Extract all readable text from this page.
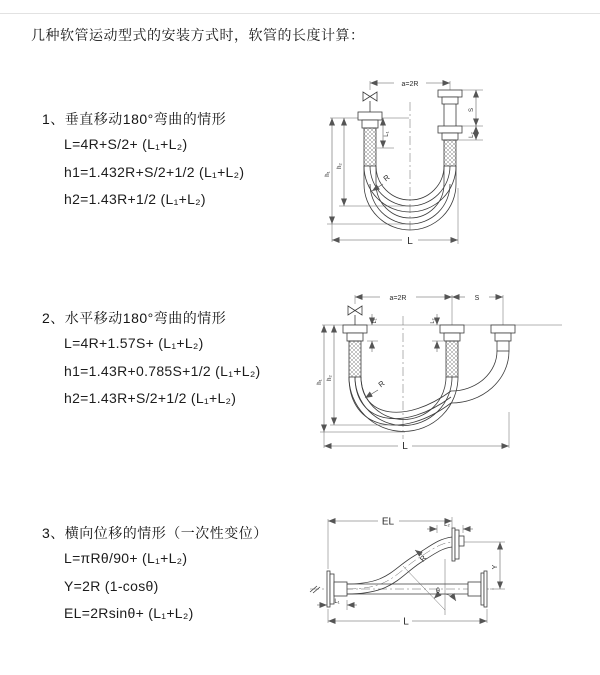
几种软管运动型式的安装方式时，软管的长度计算：
1、垂直移动180°弯曲的情形
L=4R+S/2+ (L₁+L₂)
h1=1.432R+S/2+1/2 (L₁+L₂)
h2=1.43R+1/2 (L₁+L₂)
a=2R
L₁
S
L₂
R
h₁
h₂
L
2、水平移动180°弯曲的情形
L=4R+1.57S+ (L₁+L₂)
h1=1.43R+0.785S+1/2 (L₁+L₂)
h2=1.43R+S/2+1/2 (L₁+L₂)
a=2R	S
L₁	L₂
R
h₁
h₂
L
3、横向位移的情形（一次性变位）
L=πRθ/90+ (L₁+L₂)
Y=2R (1-cosθ)
EL=2Rsinθ+ (L₁+L₂)
EL	L₂
Y
L
L₁
R
θ
